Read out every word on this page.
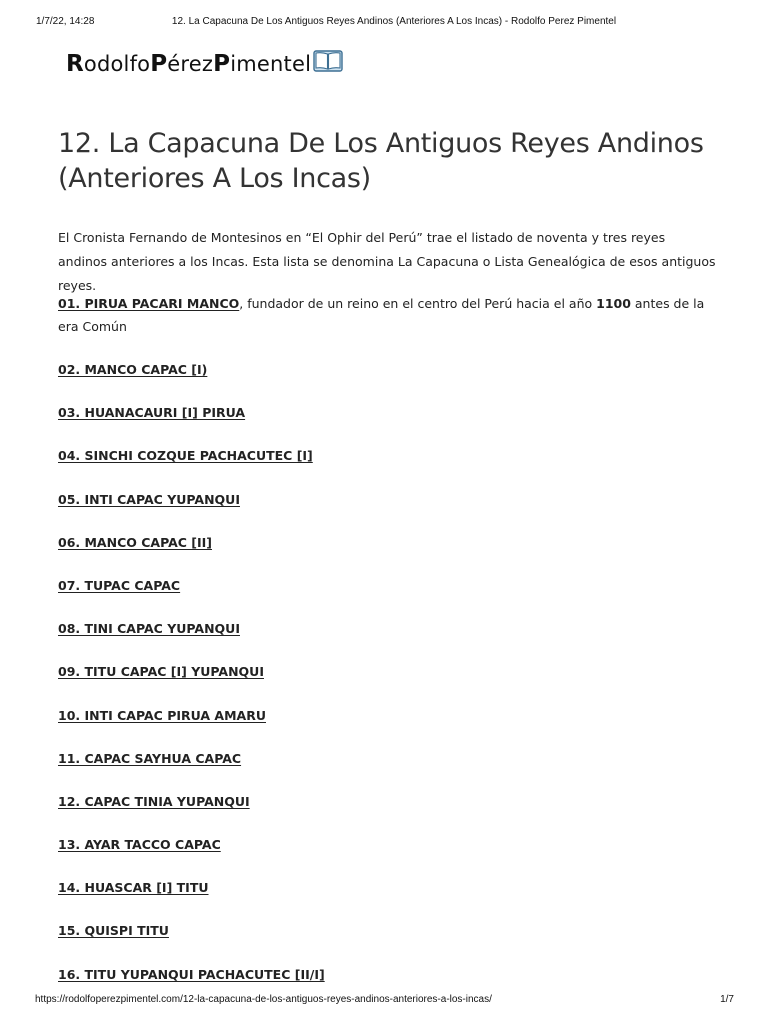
1/7/22, 14:28	12. La Capacuna De Los Antiguos Reyes Andinos (Anteriores A Los Incas) - Rodolfo Perez Pimentel
R odolfo P érez P imentel
12. La Capacuna De Los Antiguos Reyes Andinos (Anteriores A Los Incas)

El Cronista Fernando de Montesinos en “El Ophir del Perú” trae el listado de noventa y tres reyes andinos anteriores a los Incas. Esta lista se denomina La Capacuna o Lista Genealógica de esos antiguos reyes.

01. PIRUA PACARI MANCO, fundador de un reino en el centro del Perú hacia el año 1100 antes de la era Común
02. MANCO CAPAC [I)
03. HUANACAURI [I] PIRUA
04. SINCHI COZQUE PACHACUTEC [I]
05. INTI CAPAC YUPANQUI
06. MANCO CAPAC [II]
07. TUPAC CAPAC
08. TINI CAPAC YUPANQUI
09. TITU CAPAC [I] YUPANQUI
10. INTI CAPAC PIRUA AMARU
11. CAPAC SAYHUA CAPAC
12. CAPAC TINIA YUPANQUI
13. AYAR TACCO CAPAC
14. HUASCAR [I] TITU
15. QUISPI TITU
16. TITU YUPANQUI PACHACUTEC [II/I]
https://rodolfoperezpimentel.com/12-la-capacuna-de-los-antiguos-reyes-andinos-anteriores-a-los-incas/	1/7
